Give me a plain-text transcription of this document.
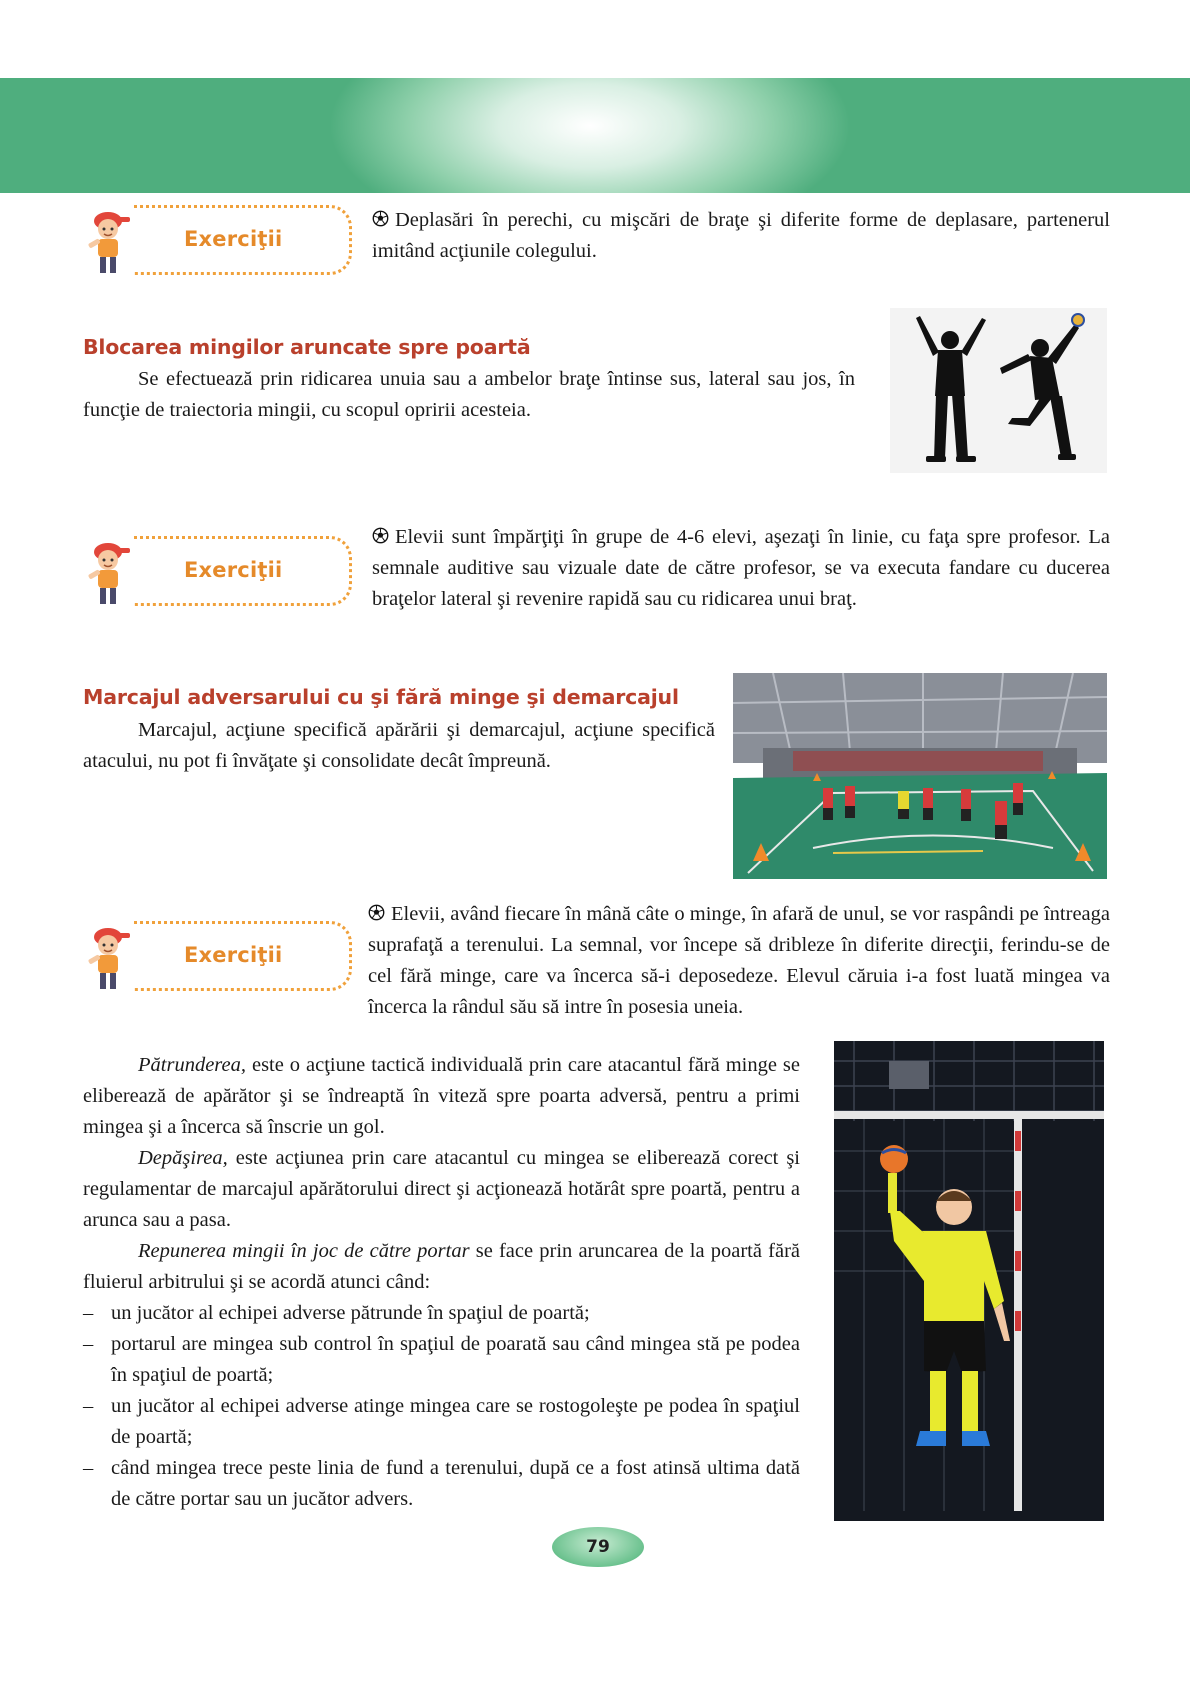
Exerciţii
Deplasări în perechi, cu mişcări de braţe şi diferite forme de deplasare, partenerul imitând acţiunile colegului.
Blocarea mingilor aruncate spre poartă
Se efectuează prin ridicarea unuia sau a ambelor braţe întinse sus, lateral sau jos, în funcţie de traiectoria mingii, cu scopul opririi acesteia.
Exerciţii
Elevii sunt împărţiţi în grupe de 4-6 elevi, aşezaţi în linie, cu faţa spre profesor. La semnale auditive sau vizuale date de către profesor, se va executa fandare cu ducerea braţelor lateral şi revenire rapidă sau cu ridicarea unui braţ.
Marcajul adversarului cu şi fără minge şi demarcajul
Marcajul, acţiune specifică apărării şi demarcajul, acţiune specifică atacului, nu pot fi învăţate şi consolidate decât împreună.
Exerciţii
Elevii, având fiecare în mână câte o minge, în afară de unul, se vor raspândi pe întreaga suprafaţă a terenului. La semnal, vor începe să dribleze în diferite direcţii, ferindu-se de cel fără minge, care va încerca să-i deposedeze. Elevul căruia i-a fost luată mingea va încerca la rândul său să intre în posesia uneia.

Pătrunderea, este o acţiune tactică individuală prin care atacantul fără minge se eliberează de apărător şi se îndreaptă în viteză spre poarta adversă, pentru a primi mingea şi a încerca să înscrie un gol.

Depăşirea, este acţiunea prin care atacantul cu mingea se eliberează corect şi regulamentar de marcajul apărătorului direct şi acţionează hotărât spre poartă, pentru a arunca sau a pasa.

Repunerea mingii în joc de către portar se face prin aruncarea de la poartă fără fluierul arbitrului şi se acordă atunci când:

– un jucător al echipei adverse pătrunde în spaţiul de poartă;
– portarul are mingea sub control în spaţiul de poarată sau când mingea stă pe podea în spaţiul de poartă;
– un jucător al echipei adverse atinge mingea care se rostogoleşte pe podea în spaţiul de poartă;
– când mingea trece peste linia de fund a terenului, după ce a fost atinsă ultima dată de către portar sau un jucător advers.
79
